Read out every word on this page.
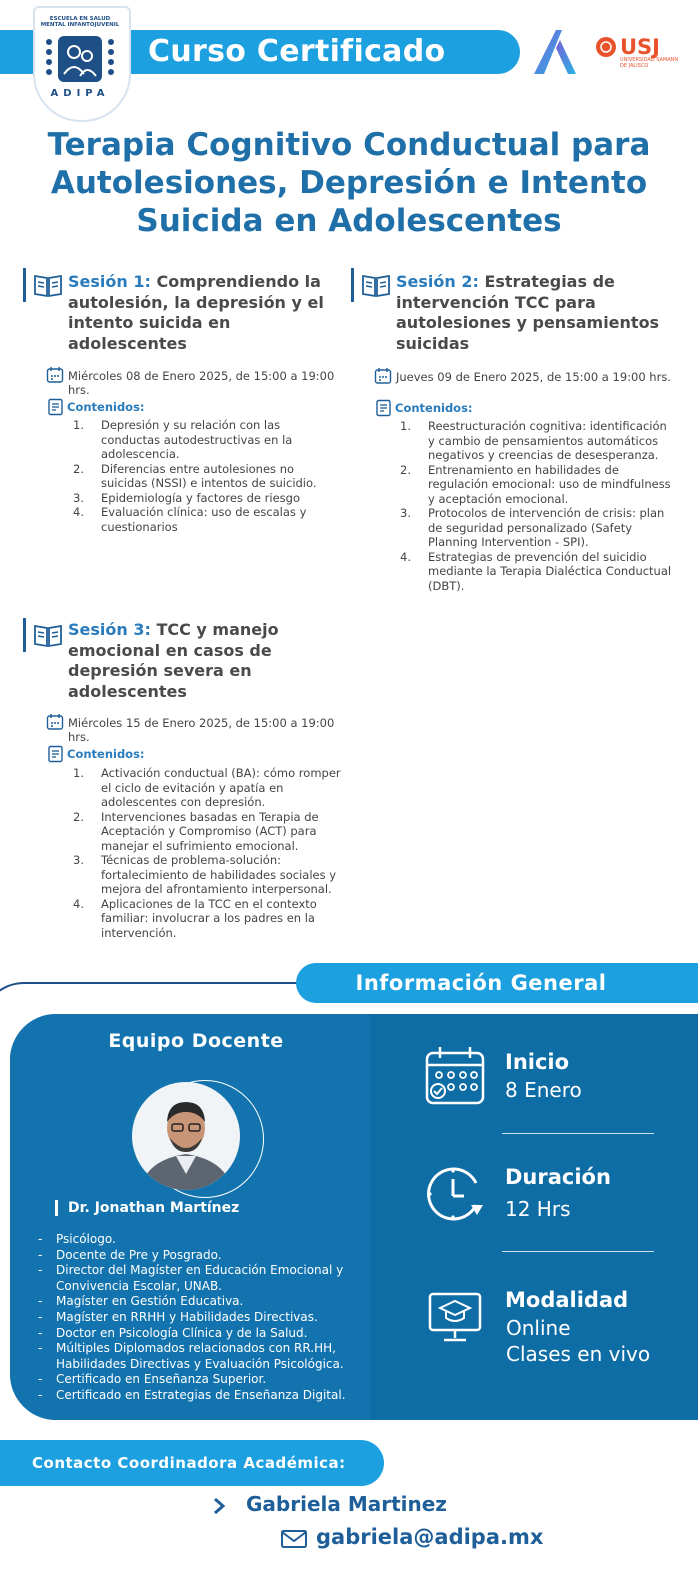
Curso Certificado
ESCUELA EN SALUD MENTAL INFANTOJUVENIL
ADIPA
USJ
UNIVERSIDAD SAMANN DE JALISCO
Terapia Cognitivo Conductual para Autolesiones, Depresión e Intento Suicida en Adolescentes
Sesión 1: Comprendiendo la autolesión, la depresión y el intento suicida en adolescentes
Miércoles 08 de Enero 2025, de 15:00 a 19:00 hrs.
Contenidos:
1. Depresión y su relación con las conductas autodestructivas en la adolescencia.
2. Diferencias entre autolesiones no suicidas (NSSI) e intentos de suicidio.
3. Epidemiología y factores de riesgo
4. Evaluación clínica: uso de escalas y cuestionarios
Sesión 2: Estrategias de intervención TCC para autolesiones y pensamientos suicidas
Jueves 09 de Enero 2025, de 15:00 a 19:00 hrs.
Contenidos:
1. Reestructuración cognitiva: identificación y cambio de pensamientos automáticos negativos y creencias de desesperanza.
2. Entrenamiento en habilidades de regulación emocional: uso de mindfulness y aceptación emocional.
3. Protocolos de intervención de crisis: plan de seguridad personalizado (Safety Planning Intervention - SPI).
4. Estrategias de prevención del suicidio mediante la Terapia Dialéctica Conductual (DBT).
Sesión 3: TCC y manejo emocional en casos de depresión severa en adolescentes
Miércoles 15 de Enero 2025, de 15:00 a 19:00 hrs.
Contenidos:
1. Activación conductual (BA): cómo romper el ciclo de evitación y apatía en adolescentes con depresión.
2. Intervenciones basadas en Terapia de Aceptación y Compromiso (ACT) para manejar el sufrimiento emocional.
3. Técnicas de problema-solución: fortalecimiento de habilidades sociales y mejora del afrontamiento interpersonal.
4. Aplicaciones de la TCC en el contexto familiar: involucrar a los padres en la intervención.
Información General
Equipo Docente
Dr. Jonathan Martínez
- Psicólogo.
- Docente de Pre y Posgrado.
- Director del Magíster en Educación Emocional y Convivencia Escolar, UNAB.
- Magíster en Gestión Educativa.
- Magíster en RRHH y Habilidades Directivas.
- Doctor en Psicología Clínica y de la Salud.
- Múltiples Diplomados relacionados con RR.HH, Habilidades Directivas y Evaluación Psicológica.
- Certificado en Enseñanza Superior.
- Certificado en Estrategias de Enseñanza Digital.
Inicio
8 Enero
Duración
12 Hrs
Modalidad
Online
Clases en vivo
Contacto Coordinadora Académica:
Gabriela Martinez
gabriela@adipa.mx
